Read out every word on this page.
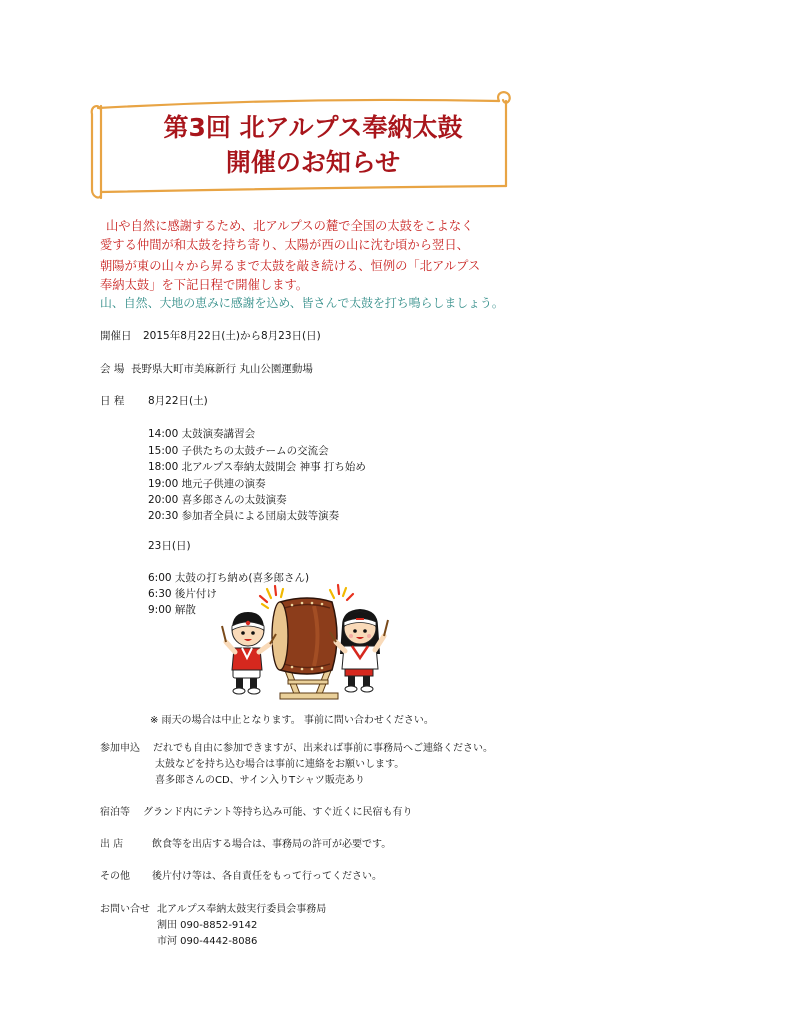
第3回 北アルプス奉納太鼓
開催のお知らせ
山や自然に感謝するため、北アルプスの麓で全国の太鼓をこよなく
愛する仲間が和太鼓を持ち寄り、太陽が西の山に沈む頃から翌日、
朝陽が東の山々から昇るまで太鼓を敲き続ける、恒例の「北アルプス
奉納太鼓」を下記日程で開催します。
山、自然、大地の恵みに感謝を込め、皆さんで太鼓を打ち鳴らしましょう。
開催日 2015年8月22日(土)から8月23日(日)
会 場 長野県大町市美麻新行 丸山公園運動場
日 程 8月22日(土)
14:00 太鼓演奏講習会
15:00 子供たちの太鼓チームの交流会
18:00 北アルプス奉納太鼓開会 神事 打ち始め
19:00 地元子供連の演奏
20:00 喜多郎さんの太鼓演奏
20:30 参加者全員による団扇太鼓等演奏
23日(日)
6:00 太鼓の打ち納め(喜多郎さん)
6:30 後片付け
9:00 解散
※ 雨天の場合は中止となります。 事前に問い合わせください。
参加申込 だれでも自由に参加できますが、出来れば事前に事務局へご連絡ください。
太鼓などを持ち込む場合は事前に連絡をお願いします。
喜多郎さんのCD、サイン入りTシャツ販売あり
宿泊等 グランド内にテント等持ち込み可能、すぐ近くに民宿も有り
出 店	飲食等を出店する場合は、事務局の許可が必要です。
その他 後片付け等は、各自責任をもって行ってください。
お問い合せ 北アルプス奉納太鼓実行委員会事務局
割田 090-8852-9142
市河 090-4442-8086
